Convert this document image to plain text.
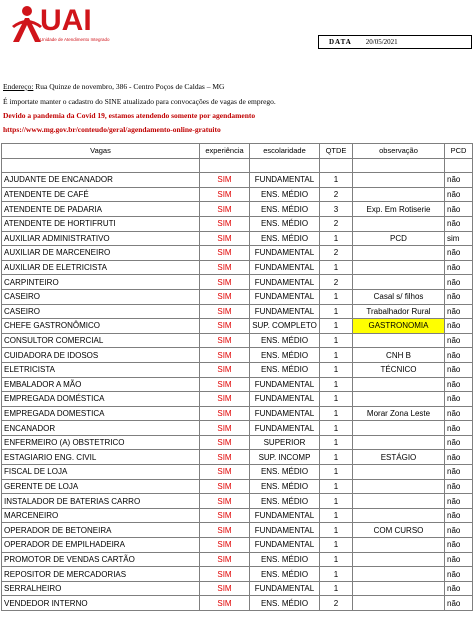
UAI
Unidade de Atendimento Integrado	DATA 20/05/2021
Endereço: Rua Quinze de novembro, 386 - Centro Poços de Caldas – MG
É importate manter o cadastro do SINE atualizado para convocações de vagas de emprego.
Devido a pandemia da Covid 19, estamos atendendo somente por agendamento
https://www.mg.gov.br/conteudo/geral/agendamento-online-gratuito
Vagas	experiência	escolaridade	QTDE	observação	PCD

AJUDANTE DE ENCANADOR	SIM	FUNDAMENTAL	1		não
ATENDENTE DE CAFÉ	SIM	ENS. MÉDIO	2		não
ATENDENTE DE PADARIA	SIM	ENS. MÉDIO	3	Exp. Em Rotiserie	não
ATENDENTE DE HORTIFRUTI	SIM	ENS. MÉDIO	2		não
AUXILIAR ADMINISTRATIVO	SIM	ENS. MÉDIO	1	PCD	sim
AUXILIAR DE MARCENEIRO	SIM	FUNDAMENTAL	2		não
AUXILIAR DE ELETRICISTA	SIM	FUNDAMENTAL	1		não
CARPINTEIRO	SIM	FUNDAMENTAL	2		não
CASEIRO	SIM	FUNDAMENTAL	1	Casal s/ filhos	não
CASEIRO	SIM	FUNDAMENTAL	1	Trabalhador Rural	não
CHEFE GASTRONÔMICO	SIM	SUP. COMPLETO	1	GASTRONOMIA	não
CONSULTOR COMERCIAL	SIM	ENS. MÉDIO	1		não
CUIDADORA DE IDOSOS	SIM	ENS. MÉDIO	1	CNH B	não
ELETRICISTA	SIM	ENS. MÉDIO	1	TÉCNICO	não
EMBALADOR A MÃO	SIM	FUNDAMENTAL	1		não
EMPREGADA DOMÉSTICA	SIM	FUNDAMENTAL	1		não
EMPREGADA DOMESTICA	SIM	FUNDAMENTAL	1	Morar Zona Leste	não
ENCANADOR	SIM	FUNDAMENTAL	1		não
ENFERMEIRO (A) OBSTETRICO	SIM	SUPERIOR	1		não
ESTAGIARIO ENG. CIVIL	SIM	SUP. INCOMP	1	ESTÁGIO	não
FISCAL DE LOJA	SIM	ENS. MÉDIO	1		não
GERENTE DE LOJA	SIM	ENS. MÉDIO	1		não
INSTALADOR DE BATERIAS CARRO	SIM	ENS. MÉDIO	1		não
MARCENEIRO	SIM	FUNDAMENTAL	1		não
OPERADOR DE BETONEIRA	SIM	FUNDAMENTAL	1	COM CURSO	não
OPERADOR DE EMPILHADEIRA	SIM	FUNDAMENTAL	1		não
PROMOTOR DE VENDAS CARTÃO	SIM	ENS. MÉDIO	1		não
REPOSITOR DE MERCADORIAS	SIM	ENS. MÉDIO	1		não
SERRALHEIRO	SIM	FUNDAMENTAL	1		não
VENDEDOR INTERNO	SIM	ENS. MÉDIO	2		não
